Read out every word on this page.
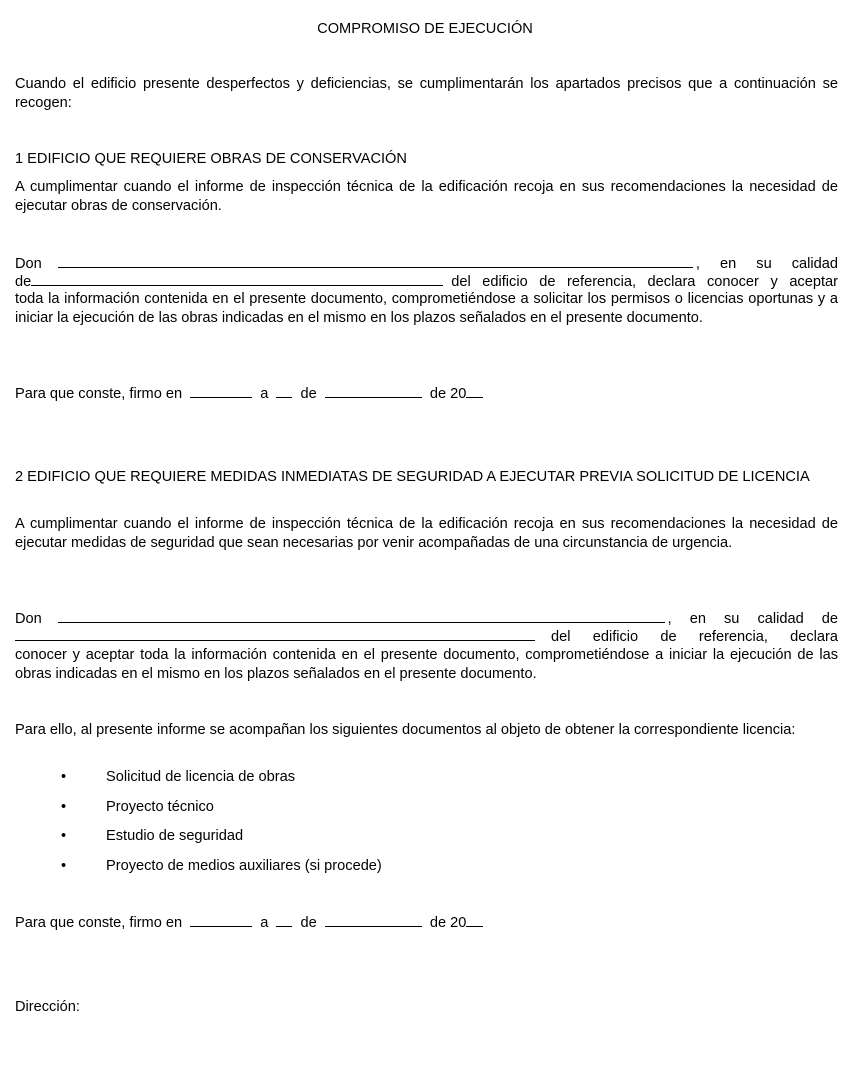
COMPROMISO DE EJECUCIÓN

Cuando el edificio presente desperfectos y deficiencias, se cumplimentarán los apartados precisos que a continuación se recogen:

1 EDIFICIO QUE REQUIERE OBRAS DE CONSERVACIÓN

A cumplimentar cuando el informe de inspección técnica de la edificación recoja en sus recomendaciones la necesidad de ejecutar obras de conservación.

Don	, en su calidad
de	del edificio de referencia, declara conocer y aceptar

toda la información contenida en el presente documento, comprometiéndose a solicitar los permisos o licencias oportunas y a iniciar la ejecución de las obras indicadas en el mismo en los plazos señalados en el presente documento.

Para que conste, firmo en	a de	de 20

2 EDIFICIO QUE REQUIERE MEDIDAS INMEDIATAS DE SEGURIDAD A EJECUTAR PREVIA SOLICITUD DE LICENCIA

A cumplimentar cuando el informe de inspección técnica de la edificación recoja en sus recomendaciones la necesidad de ejecutar medidas de seguridad que sean necesarias por venir acompañadas de una circunstancia de urgencia.

Don	, en su calidad de
del edificio de referencia, declara

conocer y aceptar toda la información contenida en el presente documento, comprometiéndose a iniciar la ejecución de las obras indicadas en el mismo en los plazos señalados en el presente documento.

Para ello, al presente informe se acompañan los siguientes documentos al objeto de obtener la correspondiente licencia:

•	Solicitud de licencia de obras
•	Proyecto técnico
•	Estudio de seguridad
•	Proyecto de medios auxiliares (si procede)
Para que conste, firmo en	a de	de 20

Dirección:
